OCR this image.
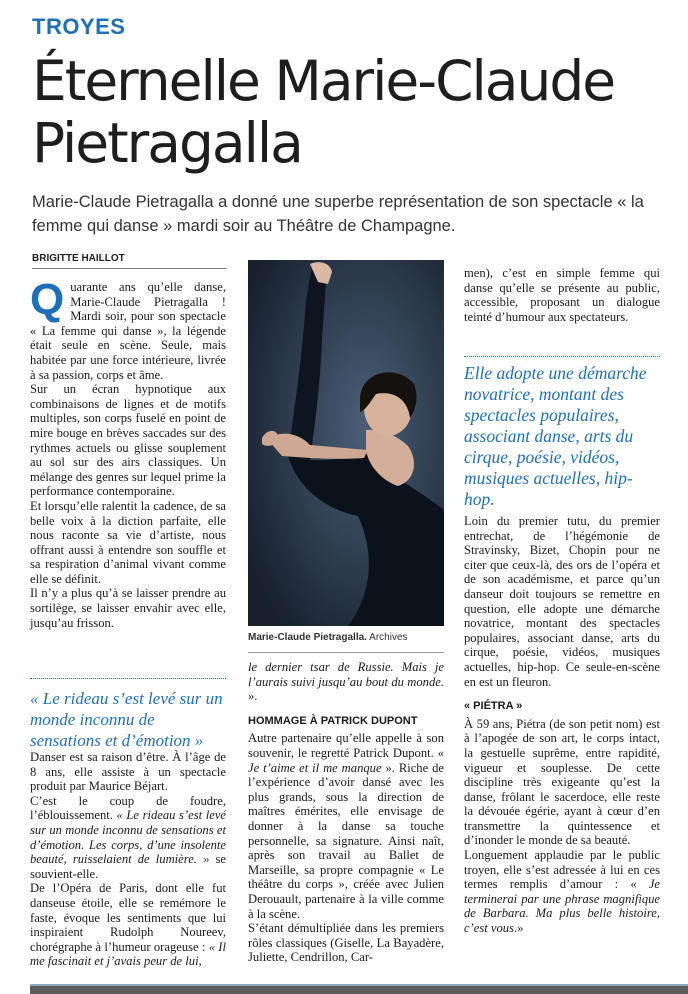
TROYES
Éternelle Marie-Claude Pietragalla
Marie-Claude Pietragalla a donné une superbe représentation de son spectacle « la femme qui danse » mardi soir au Théâtre de Champagne.
BRIGITTE HAILLOT

Quarante ans qu’elle danse, Marie-Claude Pietragalla ! Mardi soir, pour son spectacle « La femme qui danse », la légende était seule en scène. Seule, mais habitée par une force intérieure, livrée à sa passion, corps et âme.

Sur un écran hypnotique aux combinaisons de lignes et de motifs multiples, son corps fuselé en point de mire bouge en brèves saccades sur des rythmes actuels ou glisse souplement au sol sur des airs classiques. Un mélange des genres sur lequel prime la performance contemporaine.

Et lorsqu’elle ralentit la cadence, de sa belle voix à la diction parfaite, elle nous raconte sa vie d’artiste, nous offrant aussi à entendre son souffle et sa respiration d’animal vivant comme elle se définit.

Il n’y a plus qu’à se laisser prendre au sortilège, se laisser envahir avec elle, jusqu’au frisson.

« Le rideau s’est levé sur un monde inconnu de sensations et d’émotion »

Danser est sa raison d’être. À l’âge de 8 ans, elle assiste à un spectacle produit par Maurice Béjart.

C’est le coup de foudre, l’éblouissement. « Le rideau s’est levé sur un monde inconnu de sensations et d’émotion. Les corps, d’une insolente beauté, ruisselaient de lumière. » se souvient-elle.

De l’Opéra de Paris, dont elle fut danseuse étoile, elle se remémore le faste, évoque les sentiments que lui inspiraient Rudolph Noureev, chorégraphe à l’humeur orageuse : « Il me fascinait et j’avais peur de lui,

Marie-Claude Pietragalla. Archives

le dernier tsar de Russie. Mais je l’aurais suivi jusqu’au bout du monde. ».

HOMMAGE À PATRICK DUPONT

Autre partenaire qu’elle appelle à son souvenir, le regretté Patrick Dupont. « Je t’aime et il me manque ». Riche de l’expérience d’avoir dansé avec les plus grands, sous la direction de maîtres émérites, elle envisage de donner à la danse sa touche personnelle, sa signature. Ainsi naît, après son travail au Ballet de Marseille, sa propre compagnie « Le théâtre du corps », créée avec Julien Derouault, partenaire à la ville comme à la scène.

S’étant démultipliée dans les premiers rôles classiques (Giselle, La Bayadère, Juliette, Cendrillon, Car-

men), c’est en simple femme qui danse qu’elle se présente au public, accessible, proposant un dialogue teinté d’humour aux spectateurs.

Elle adopte une démarche novatrice, montant des spectacles populaires, associant danse, arts du cirque, poésie, vidéos, musiques actuelles, hip-hop.

Loin du premier tutu, du premier entrechat, de l’hégémonie de Stravinsky, Bizet, Chopin pour ne citer que ceux-là, des ors de l’opéra et de son académisme, et parce qu’un danseur doit toujours se remettre en question, elle adopte une démarche novatrice, montant des spectacles populaires, associant danse, arts du cirque, poésie, vidéos, musiques actuelles, hip-hop. Ce seule-en-scène en est un fleuron.

« PIÉTRA »

À 59 ans, Piétra (de son petit nom) est à l’apogée de son art, le corps intact, la gestuelle suprême, entre rapidité, vigueur et souplesse. De cette discipline très exigeante qu’est la danse, frôlant le sacerdoce, elle reste la dévouée égérie, ayant à cœur d’en transmettre la quintessence et d’inonder le monde de sa beauté.

Longuement applaudie par le public troyen, elle s’est adressée à lui en ces termes remplis d’amour : « Je terminerai par une phrase magnifique de Barbara. Ma plus belle histoire, c’est vous.»
